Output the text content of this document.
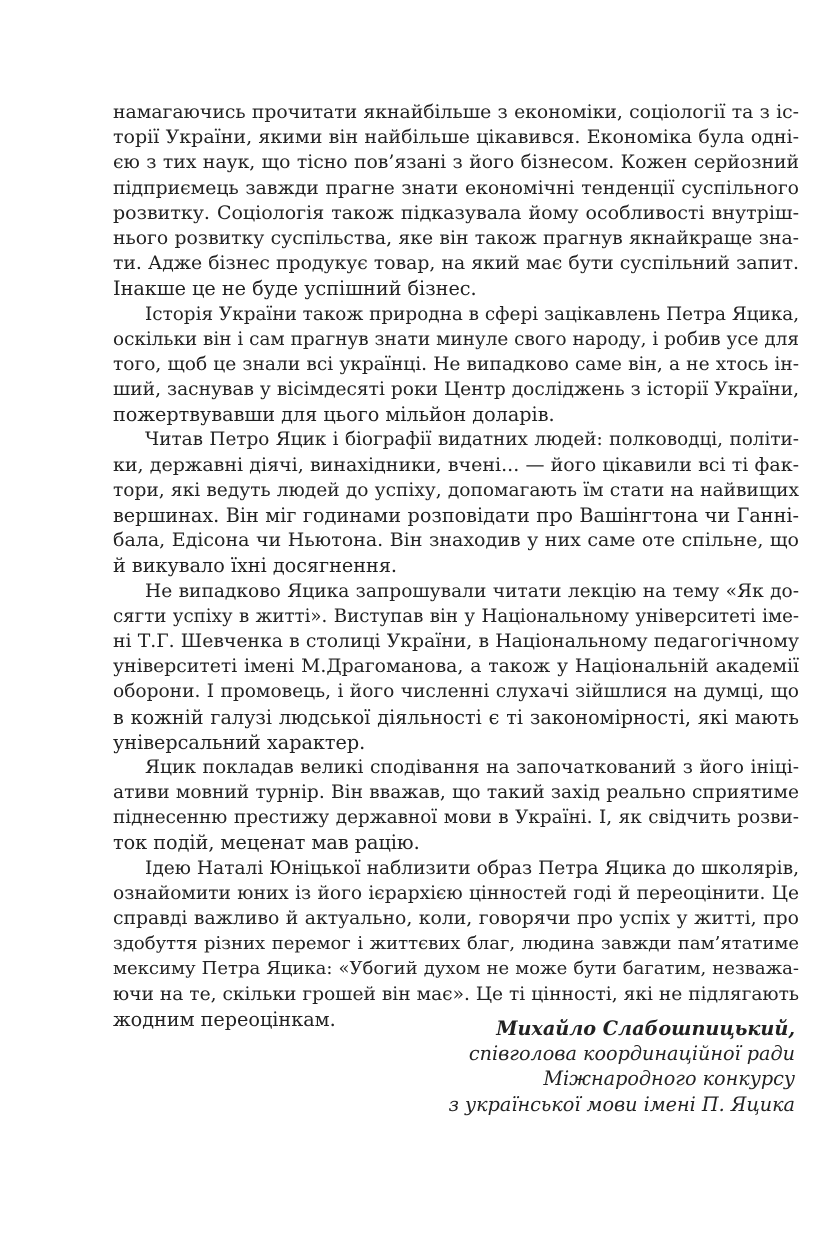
намагаючись прочитати якнайбільше з економіки, соціології та з іс-
торії України, якими він найбільше цікавився. Економіка була одні-
єю з тих наук, що тісно пов’язані з його бізнесом. Кожен серйозний
підприємець завжди прагне знати економічні тенденції суспільного
розвитку. Соціологія також підказувала йому особливості внутріш-
нього розвитку суспільства, яке він також прагнув якнайкраще зна-
ти. Адже бізнес продукує товар, на який має бути суспільний запит.
Інакше це не буде успішний бізнес.
Історія України також природна в сфері зацікавлень Петра Яцика,
оскільки він і сам прагнув знати минуле свого народу, і робив усе для
того, щоб це знали всі українці. Не випадково саме він, а не хтось ін-
ший, заснував у вісімдесяті роки Центр досліджень з історії України,
пожертвувавши для цього мільйон доларів.
Читав Петро Яцик і біографії видатних людей: полководці, політи-
ки, державні діячі, винахідники, вчені... — його цікавили всі ті фак-
тори, які ведуть людей до успіху, допомагають їм стати на найвищих
вершинах. Він міг годинами розповідати про Вашінгтона чи Ганні-
бала, Едісона чи Ньютона. Він знаходив у них саме оте спільне, що
й викувало їхні досягнення.
Не випадково Яцика запрошували читати лекцію на тему «Як до-
сягти успіху в житті». Виступав він у Національному університеті іме-
ні Т.Г. Шевченка в столиці України, в Національному педагогічному
університеті імені М.Драгоманова, а також у Національній академії
оборони. І промовець, і його численні слухачі зійшлися на думці, що
в кожній галузі людської діяльності є ті закономірності, які мають
універсальний характер.
Яцик покладав великі сподівання на започаткований з його ініці-
ативи мовний турнір. Він вважав, що такий захід реально сприятиме
піднесенню престижу державної мови в Україні. І, як свідчить розви-
ток подій, меценат мав рацію.
Ідею Наталі Юніцької наблизити образ Петра Яцика до школярів,
ознайомити юних із його ієрархією цінностей годі й переоцінити. Це
справді важливо й актуально, коли, говорячи про успіх у житті, про
здобуття різних перемог і життєвих благ, людина завжди пам’ятатиме
мексиму Петра Яцика: «Убогий духом не може бути багатим, незважа-
ючи на те, скільки грошей він має». Це ті цінності, які не підлягають
жодним переоцінкам.	Михайло Слабошпицький,
співголова координаційної ради
Міжнародного конкурсу
з української мови імені П. Яцика
